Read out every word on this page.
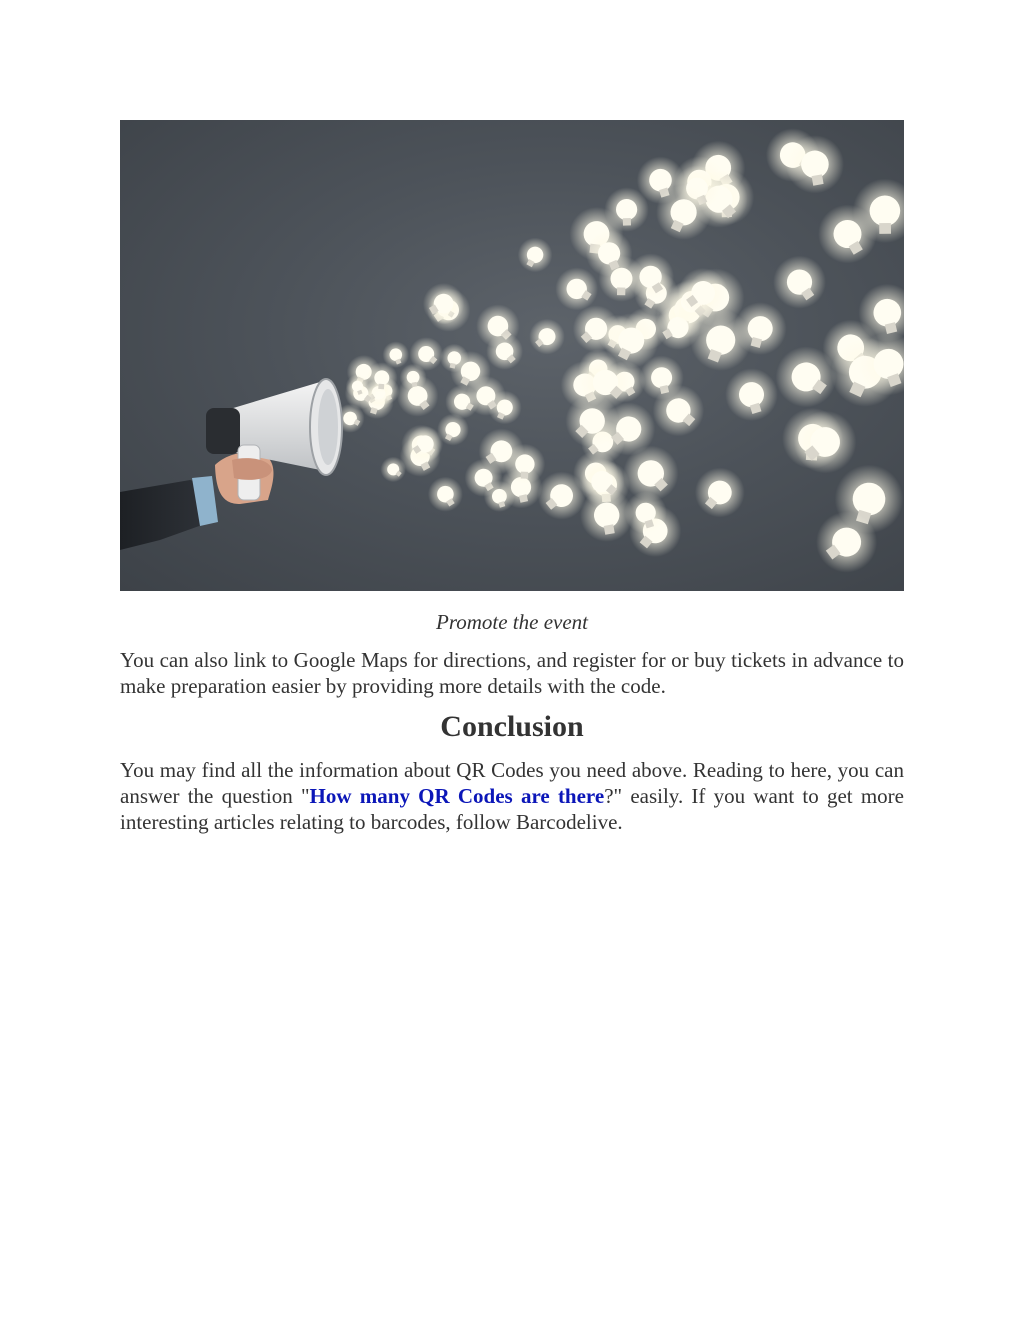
Promote the event

You can also link to Google Maps for directions, and register for or buy tickets in advance to make preparation easier by providing more details with the code.

Conclusion

You may find all the information about QR Codes you need above. Reading to here, you can answer the question "How many QR Codes are there?" easily. If you want to get more interesting articles relating to barcodes, follow Barcodelive.
